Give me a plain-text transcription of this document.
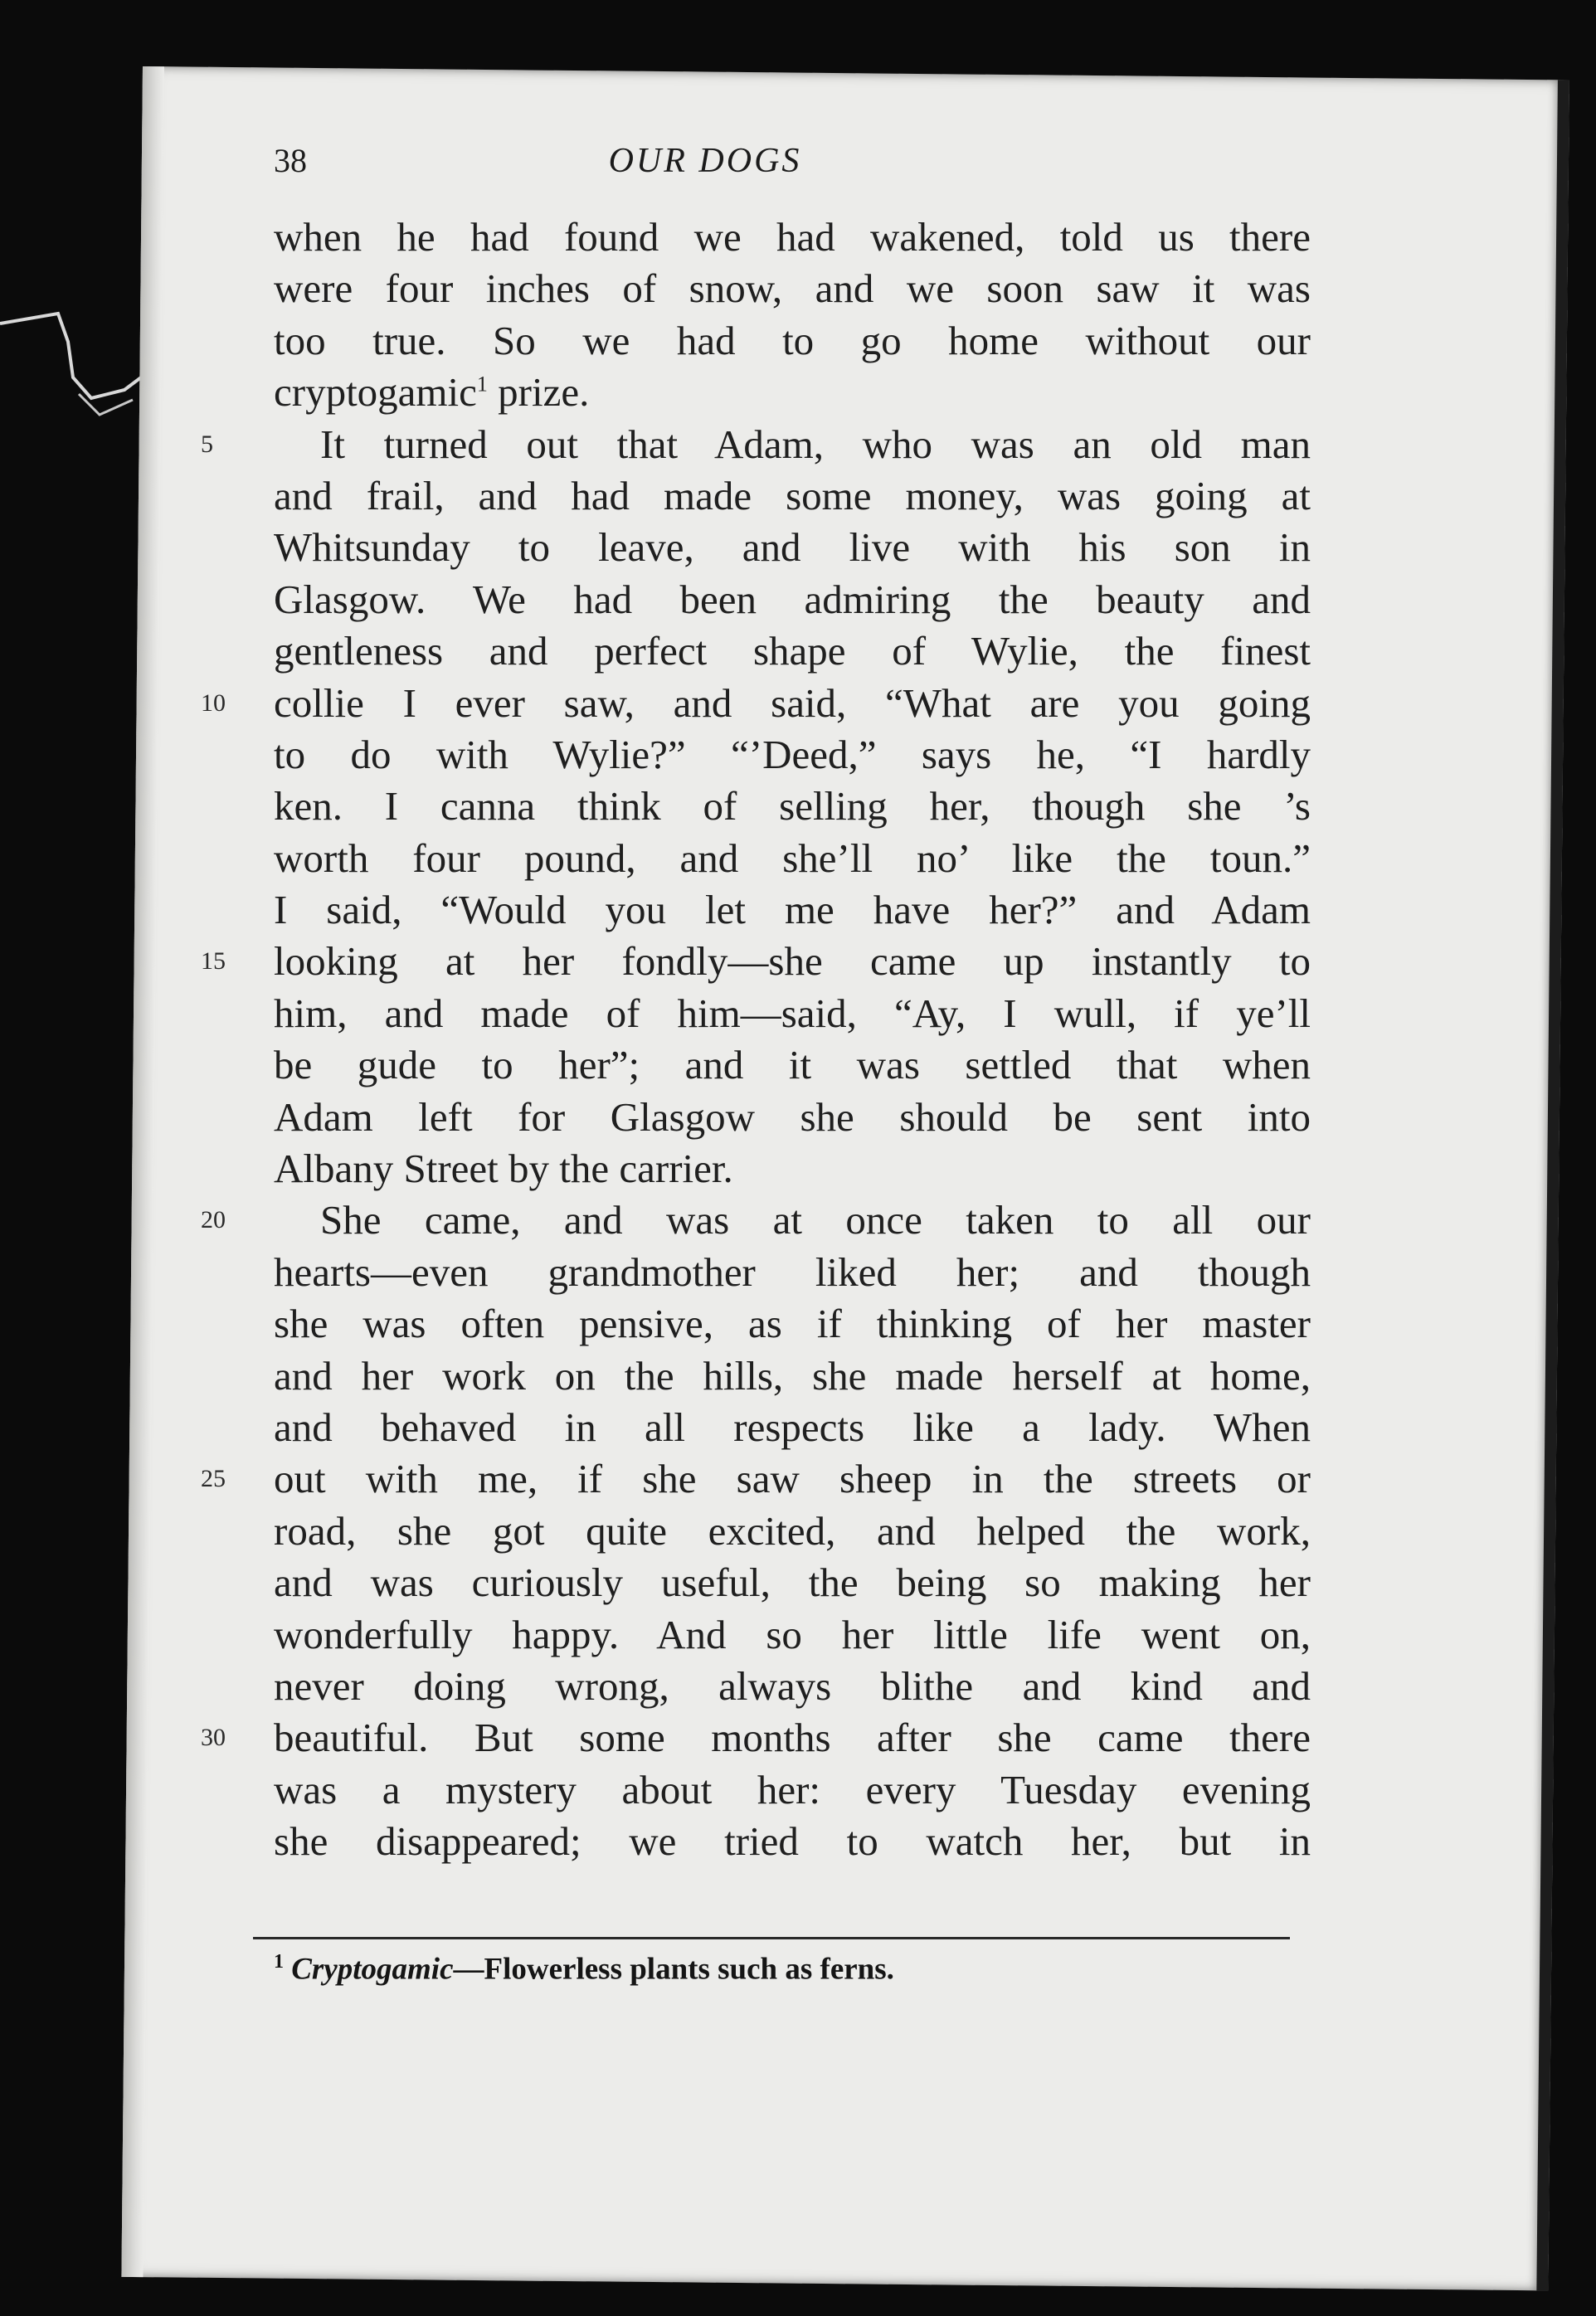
38	OUR DOGS
when he had found we had wakened, told us there
were four inches of snow, and we soon saw it was
too true. So we had to go home without our
cryptogamic$^1$ prize.
5	It turned out that Adam, who was an old man
and frail, and had made some money, was going at
Whitsunday to leave, and live with his son in
Glasgow. We had been admiring the beauty and
gentleness and perfect shape of Wylie, the finest
10	collie I ever saw, and said, “What are you going
to do with Wylie?” “’Deed,” says he, “I hardly
ken. I canna think of selling her, though she ’s
worth four pound, and she’ll no’ like the toun.”
I said, “Would you let me have her?” and Adam
15	looking at her fondly—she came up instantly to
him, and made of him—said, “Ay, I wull, if ye’ll
be gude to her”; and it was settled that when
Adam left for Glasgow she should be sent into
Albany Street by the carrier.
20	She came, and was at once taken to all our
hearts—even grandmother liked her; and though
she was often pensive, as if thinking of her master
and her work on the hills, she made herself at home,
and behaved in all respects like a lady. When
25	out with me, if she saw sheep in the streets or
road, she got quite excited, and helped the work,
and was curiously useful, the being so making her
wonderfully happy. And so her little life went on,
never doing wrong, always blithe and kind and
30	beautiful. But some months after she came there
was a mystery about her: every Tuesday evening
she disappeared; we tried to watch her, but in
$^1$ Cryptogamic—Flowerless plants such as ferns.
